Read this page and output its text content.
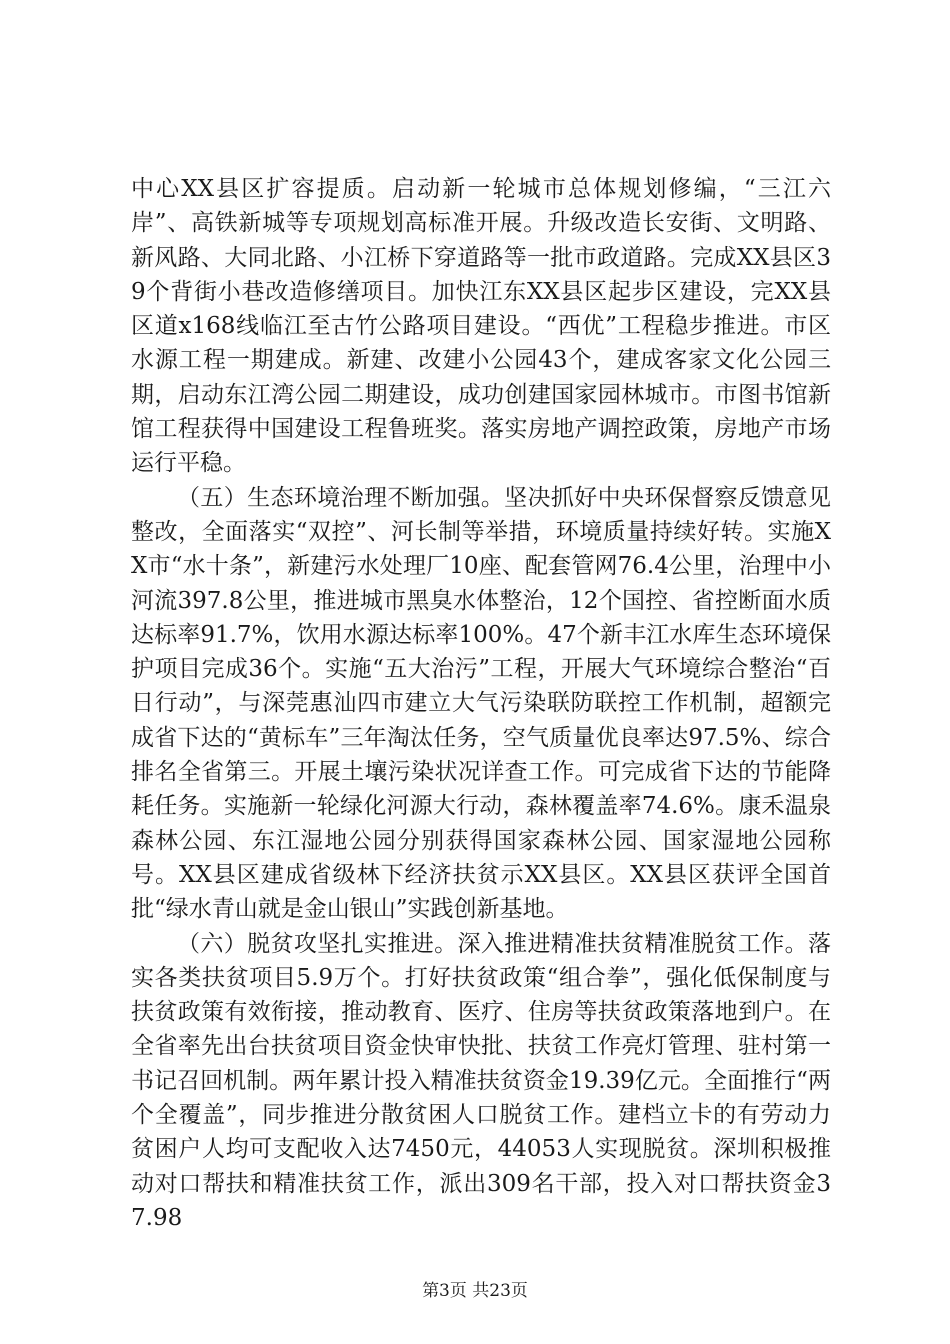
中心XX县区扩容提质。启动新一轮城市总体规划修编，“三江六岸”、高铁新城等专项规划高标准开展。升级改造长安街、文明路、新风路、大同北路、小江桥下穿道路等一批市政道路。完成XX县区39个背街小巷改造修缮项目。加快江东XX县区起步区建设，完XX县区道x168线临江至古竹公路项目建设。“西优”工程稳步推进。市区水源工程一期建成。新建、改建小公园43个，建成客家文化公园三期，启动东江湾公园二期建设，成功创建国家园林城市。市图书馆新馆工程获得中国建设工程鲁班奖。落实房地产调控政策，房地产市场运行平稳。

（五）生态环境治理不断加强。坚决抓好中央环保督察反馈意见整改，全面落实“双控”、河长制等举措，环境质量持续好转。实施XX市“水十条”，新建污水处理厂10座、配套管网76.4公里，治理中小河流397.8公里，推进城市黑臭水体整治，12个国控、省控断面水质达标率91.7%，饮用水源达标率100%。47个新丰江水库生态环境保护项目完成36个。实施“五大治污”工程，开展大气环境综合整治“百日行动”，与深莞惠汕四市建立大气污染联防联控工作机制，超额完成省下达的“黄标车”三年淘汰任务，空气质量优良率达97.5%、综合排名全省第三。开展土壤污染状况详查工作。可完成省下达的节能降耗任务。实施新一轮绿化河源大行动，森林覆盖率74.6%。康禾温泉森林公园、东江湿地公园分别获得国家森林公园、国家湿地公园称号。XX县区建成省级林下经济扶贫示XX县区。XX县区获评全国首批“绿水青山就是金山银山”实践创新基地。

（六）脱贫攻坚扎实推进。深入推进精准扶贫精准脱贫工作。落实各类扶贫项目5.9万个。打好扶贫政策“组合拳”，强化低保制度与扶贫政策有效衔接，推动教育、医疗、住房等扶贫政策落地到户。在全省率先出台扶贫项目资金快审快批、扶贫工作亮灯管理、驻村第一书记召回机制。两年累计投入精准扶贫资金19.39亿元。全面推行“两个全覆盖”，同步推进分散贫困人口脱贫工作。建档立卡的有劳动力贫困户人均可支配收入达7450元，44053人实现脱贫。深圳积极推动对口帮扶和精准扶贫工作，派出309名干部，投入对口帮扶资金37.98

第3页 共23页
